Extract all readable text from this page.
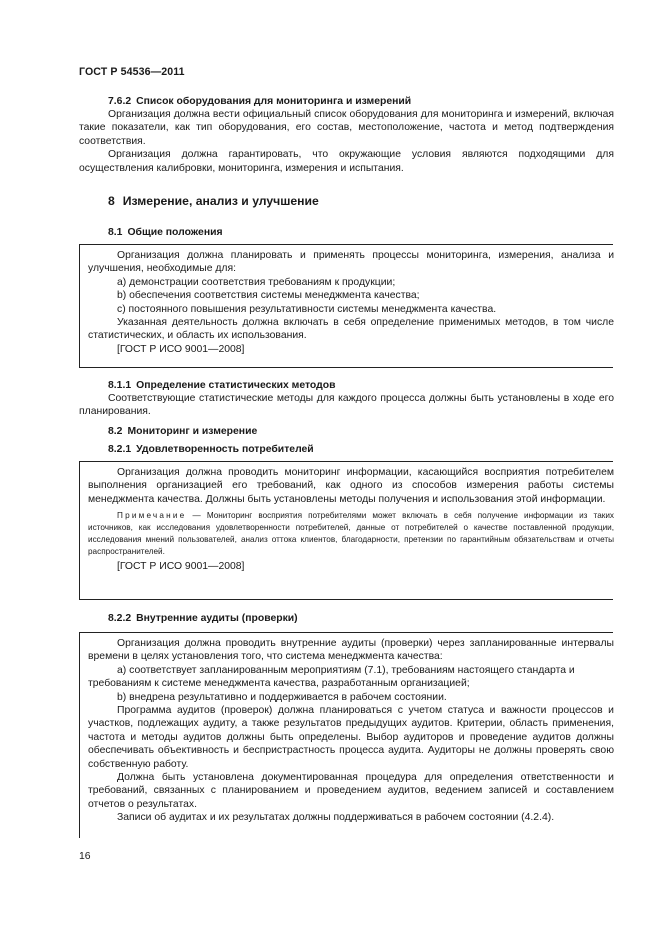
ГОСТ Р 54536—2011
7.6.2 Список оборудования для мониторинга и измерений

Организация должна вести официальный список оборудования для мониторинга и измерений, включая такие показатели, как тип оборудования, его состав, местоположение, частота и метод подтверждения соответствия.

Организация должна гарантировать, что окружающие условия являются подходящими для осуществления калибровки, мониторинга, измерения и испытания.

8 Измерение, анализ и улучшение
8.1 Общие положения

Организация должна планировать и применять процессы мониторинга, измерения, анализа и улучшения, необходимые для:

a) демонстрации соответствия требованиям к продукции;

b) обеспечения соответствия системы менеджмента качества;

c) постоянного повышения результативности системы менеджмента качества.

Указанная деятельность должна включать в себя определение применимых методов, в том числе статистических, и область их использования.

[ГОСТ Р ИСО 9001—2008]

8.1.1 Определение статистических методов

Соответствующие статистические методы для каждого процесса должны быть установлены в ходе его планирования.

8.2 Мониторинг и измерение
8.2.1 Удовлетворенность потребителей

Организация должна проводить мониторинг информации, касающийся восприятия потребителем выполнения организацией его требований, как одного из способов измерения работы системы менеджмента качества. Должны быть установлены методы получения и использования этой информации.

Примечание — Мониторинг восприятия потребителями может включать в себя получение информации из таких источников, как исследования удовлетворенности потребителей, данные от потребителей о качестве поставленной продукции, исследования мнений пользователей, анализ оттока клиентов, благодарности, претензии по гарантийным обязательствам и отчеты распространителей.

[ГОСТ Р ИСО 9001—2008]

8.2.2 Внутренние аудиты (проверки)

Организация должна проводить внутренние аудиты (проверки) через запланированные интервалы времени в целях установления того, что система менеджмента качества:

a) соответствует запланированным мероприятиям (7.1), требованиям настоящего стандарта и

требованиям к системе менеджмента качества, разработанным организацией;

b) внедрена результативно и поддерживается в рабочем состоянии.

Программа аудитов (проверок) должна планироваться с учетом статуса и важности процессов и участков, подлежащих аудиту, а также результатов предыдущих аудитов. Критерии, область применения, частота и методы аудитов должны быть определены. Выбор аудиторов и проведение аудитов должны обеспечивать объективность и беспристрастность процесса аудита. Аудиторы не должны проверять свою собственную работу.

Должна быть установлена документированная процедура для определения ответственности и требований, связанных с планированием и проведением аудитов, ведением записей и составлением отчетов о результатах.

Записи об аудитах и их результатах должны поддерживаться в рабочем состоянии (4.2.4).

16
